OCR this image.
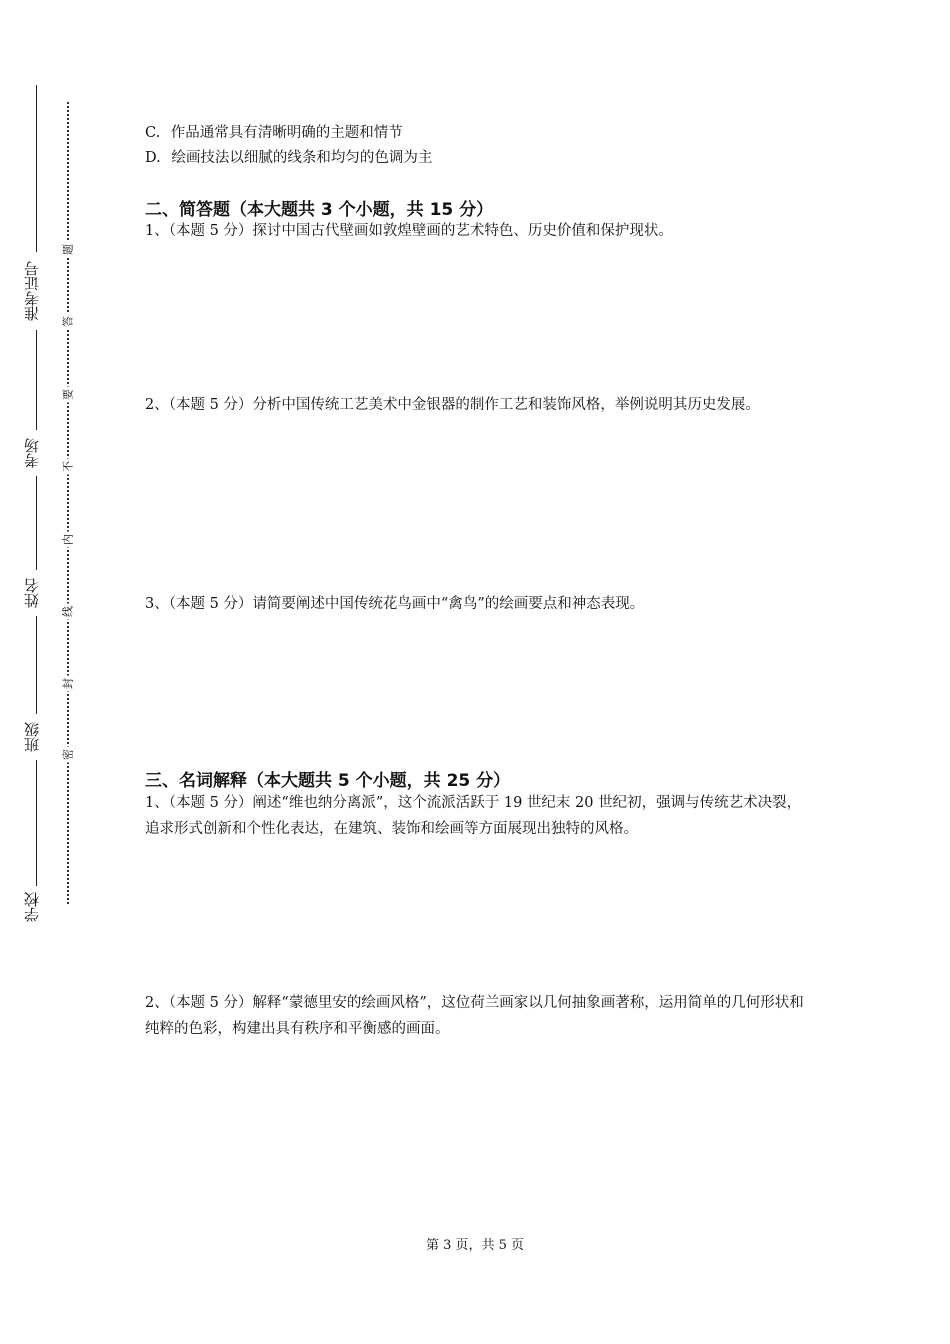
准考证号
考场
姓名
班级
学校
题
答
要
不
内
线
封
密
C. 作品通常具有清晰明确的主题和情节
D. 绘画技法以细腻的线条和均匀的色调为主
二、简答题（本大题共 3 个小题，共 15 分）
1、（本题 5 分）探讨中国古代壁画如敦煌壁画的艺术特色、历史价值和保护现状。
2、（本题 5 分）分析中国传统工艺美术中金银器的制作工艺和装饰风格，举例说明其历史发展。
3、（本题 5 分）请简要阐述中国传统花鸟画中“禽鸟”的绘画要点和神态表现。
三、名词解释（本大题共 5 个小题，共 25 分）
1、（本题 5 分）阐述“维也纳分离派”，这个流派活跃于 19 世纪末 20 世纪初，强调与传统艺术决裂，追求形式创新和个性化表达，在建筑、装饰和绘画等方面展现出独特的风格。
2、（本题 5 分）解释“蒙德里安的绘画风格”，这位荷兰画家以几何抽象画著称，运用简单的几何形状和纯粹的色彩，构建出具有秩序和平衡感的画面。
第 3 页，共 5 页
